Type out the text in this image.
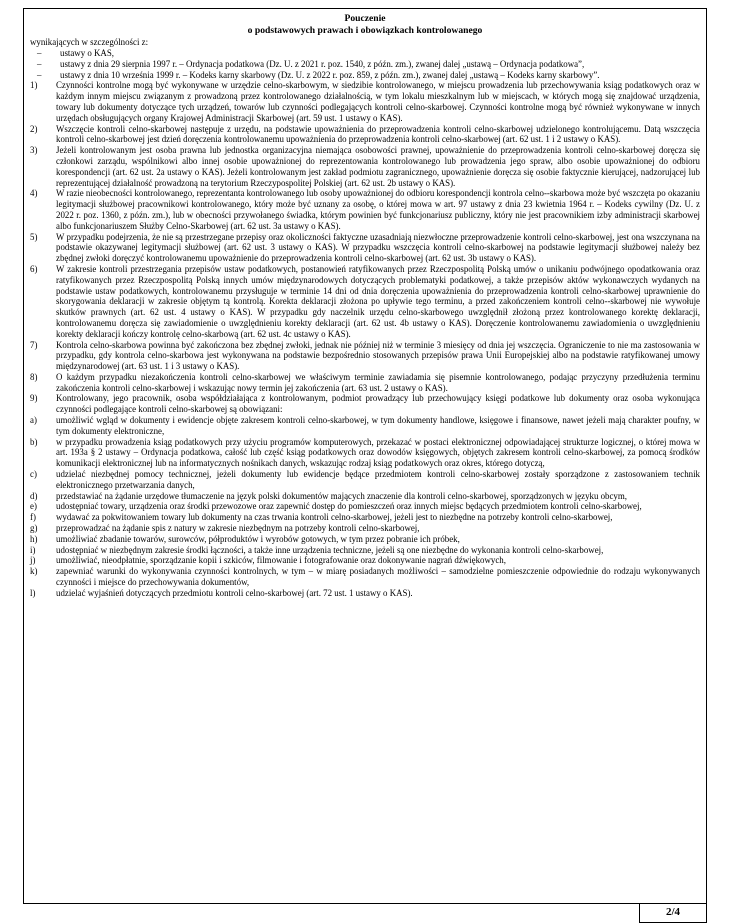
Pouczenie
o podstawowych prawach i obowiązkach kontrolowanego
wynikających w szczególności z:
–	ustawy o KAS,
–	ustawy z dnia 29 sierpnia 1997 r. – Ordynacja podatkowa (Dz. U. z 2021 r. poz. 1540, z późn. zm.), zwanej dalej „ustawą – Ordynacja podatkowa”,
–	ustawy z dnia 10 września 1999 r. – Kodeks karny skarbowy (Dz. U. z 2022 r. poz. 859, z późn. zm.), zwanej dalej „ustawą – Kodeks karny skarbowy”.
1)	Czynności kontrolne mogą być wykonywane w urzędzie celno-skarbowym, w siedzibie kontrolowanego, w miejscu prowadzenia lub przechowywania ksiąg podatkowych oraz w każdym innym miejscu związanym z prowadzoną przez kontrolowanego działalnością, w tym lokalu mieszkalnym lub w miejscach, w których mogą się znajdować urządzenia, towary lub dokumenty dotyczące tych urządzeń, towarów lub czynności podlegających kontroli celno-skarbowej. Czynności kontrolne mogą być również wykonywane w innych urzędach obsługujących organy Krajowej Administracji Skarbowej (art. 59 ust. 1 ustawy o KAS).
2)	Wszczęcie kontroli celno-skarbowej następuje z urzędu, na podstawie upoważnienia do przeprowadzenia kontroli celno-skarbowej udzielonego kontrolującemu. Datą wszczęcia kontroli celno-skarbowej jest dzień doręczenia kontrolowanemu upoważnienia do przeprowadzenia kontroli celno-skarbowej (art. 62 ust. 1 i 2 ustawy o KAS).
3)	Jeżeli kontrolowanym jest osoba prawna lub jednostka organizacyjna niemająca osobowości prawnej, upoważnienie do przeprowadzenia kontroli celno-skarbowej doręcza się członkowi zarządu, wspólnikowi albo innej osobie upoważnionej do reprezentowania kontrolowanego lub prowadzenia jego spraw, albo osobie upoważnionej do odbioru korespondencji (art. 62 ust. 2a ustawy o KAS). Jeżeli kontrolowanym jest zakład podmiotu zagranicznego, upoważnienie doręcza się osobie faktycznie kierującej, nadzorującej lub reprezentującej działalność prowadzoną na terytorium Rzeczypospolitej Polskiej (art. 62 ust. 2b ustawy o KAS).
4)	W razie nieobecności kontrolowanego, reprezentanta kontrolowanego lub osoby upoważnionej do odbioru korespondencji kontrola celno--skarbowa może być wszczęta po okazaniu legitymacji służbowej pracownikowi kontrolowanego, który może być uznany za osobę, o której mowa w art. 97 ustawy z dnia 23 kwietnia 1964 r. – Kodeks cywilny (Dz. U. z 2022 r. poz. 1360, z późn. zm.), lub w obecności przywołanego świadka, którym powinien być funkcjonariusz publiczny, który nie jest pracownikiem izby administracji skarbowej albo funkcjonariuszem Służby Celno-Skarbowej (art. 62 ust. 3a ustawy o KAS).
5)	W przypadku podejrzenia, że nie są przestrzegane przepisy oraz okoliczności faktyczne uzasadniają niezwłoczne przeprowadzenie kontroli celno-skarbowej, jest ona wszczynana na podstawie okazywanej legitymacji służbowej (art. 62 ust. 3 ustawy o KAS). W przypadku wszczęcia kontroli celno-skarbowej na podstawie legitymacji służbowej należy bez zbędnej zwłoki doręczyć kontrolowanemu upoważnienie do przeprowadzenia kontroli celno-skarbowej (art. 62 ust. 3b ustawy o KAS).
6)	W zakresie kontroli przestrzegania przepisów ustaw podatkowych, postanowień ratyfikowanych przez Rzeczpospolitą Polską umów o unikaniu podwójnego opodatkowania oraz ratyfikowanych przez Rzeczpospolitą Polską innych umów międzynarodowych dotyczących problematyki podatkowej, a także przepisów aktów wykonawczych wydanych na podstawie ustaw podatkowych, kontrolowanemu przysługuje w terminie 14 dni od dnia doręczenia upoważnienia do przeprowadzenia kontroli celno-skarbowej uprawnienie do skorygowania deklaracji w zakresie objętym tą kontrolą. Korekta deklaracji złożona po upływie tego terminu, a przed zakończeniem kontroli celno--skarbowej nie wywołuje skutków prawnych (art. 62 ust. 4 ustawy o KAS). W przypadku gdy naczelnik urzędu celno-skarbowego uwzględnił złożoną przez kontrolowanego korektę deklaracji, kontrolowanemu doręcza się zawiadomienie o uwzględnieniu korekty deklaracji (art. 62 ust. 4b ustawy o KAS). Doręczenie kontrolowanemu zawiadomienia o uwzględnieniu korekty deklaracji kończy kontrolę celno-skarbową (art. 62 ust. 4c ustawy o KAS).
7)	Kontrola celno-skarbowa powinna być zakończona bez zbędnej zwłoki, jednak nie później niż w terminie 3 miesięcy od dnia jej wszczęcia. Ograniczenie to nie ma zastosowania w przypadku, gdy kontrola celno-skarbowa jest wykonywana na podstawie bezpośrednio stosowanych przepisów prawa Unii Europejskiej albo na podstawie ratyfikowanej umowy międzynarodowej (art. 63 ust. 1 i 3 ustawy o KAS).
8)	O każdym przypadku niezakończenia kontroli celno-skarbowej we właściwym terminie zawiadamia się pisemnie kontrolowanego, podając przyczyny przedłużenia terminu zakończenia kontroli celno-skarbowej i wskazując nowy termin jej zakończenia (art. 63 ust. 2 ustawy o KAS).
9)	Kontrolowany, jego pracownik, osoba współdziałająca z kontrolowanym, podmiot prowadzący lub przechowujący księgi podatkowe lub dokumenty oraz osoba wykonująca czynności podlegające kontroli celno-skarbowej są obowiązani:
a)	umożliwić wgląd w dokumenty i ewidencje objęte zakresem kontroli celno-skarbowej, w tym dokumenty handlowe, księgowe i finansowe, nawet jeżeli mają charakter poufny, w tym dokumenty elektroniczne,
b)	w przypadku prowadzenia ksiąg podatkowych przy użyciu programów komputerowych, przekazać w postaci elektronicznej odpowiadającej strukturze logicznej, o której mowa w art. 193a § 2 ustawy – Ordynacja podatkowa, całość lub część ksiąg podatkowych oraz dowodów księgowych, objętych zakresem kontroli celno-skarbowej, za pomocą środków komunikacji elektronicznej lub na informatycznych nośnikach danych, wskazując rodzaj ksiąg podatkowych oraz okres, którego dotyczą,
c)	udzielać niezbędnej pomocy technicznej, jeżeli dokumenty lub ewidencje będące przedmiotem kontroli celno-skarbowej zostały sporządzone z zastosowaniem technik elektronicznego przetwarzania danych,
d)	przedstawiać na żądanie urzędowe tłumaczenie na język polski dokumentów mających znaczenie dla kontroli celno-skarbowej, sporządzonych w języku obcym,
e)	udostępniać towary, urządzenia oraz środki przewozowe oraz zapewnić dostęp do pomieszczeń oraz innych miejsc będących przedmiotem kontroli celno-skarbowej,
f)	wydawać za pokwitowaniem towary lub dokumenty na czas trwania kontroli celno-skarbowej, jeżeli jest to niezbędne na potrzeby kontroli celno-skarbowej,
g)	przeprowadzać na żądanie spis z natury w zakresie niezbędnym na potrzeby kontroli celno-skarbowej,
h)	umożliwiać zbadanie towarów, surowców, półproduktów i wyrobów gotowych, w tym przez pobranie ich próbek,
i)	udostępniać w niezbędnym zakresie środki łączności, a także inne urządzenia techniczne, jeżeli są one niezbędne do wykonania kontroli celno-skarbowej,
j)	umożliwiać, nieodpłatnie, sporządzanie kopii i szkiców, filmowanie i fotografowanie oraz dokonywanie nagrań dźwiękowych,
k)	zapewniać warunki do wykonywania czynności kontrolnych, w tym – w miarę posiadanych możliwości – samodzielne pomieszczenie odpowiednie do rodzaju wykonywanych czynności i miejsce do przechowywania dokumentów,
l)	udzielać wyjaśnień dotyczących przedmiotu kontroli celno-skarbowej (art. 72 ust. 1 ustawy o KAS).
2/4
